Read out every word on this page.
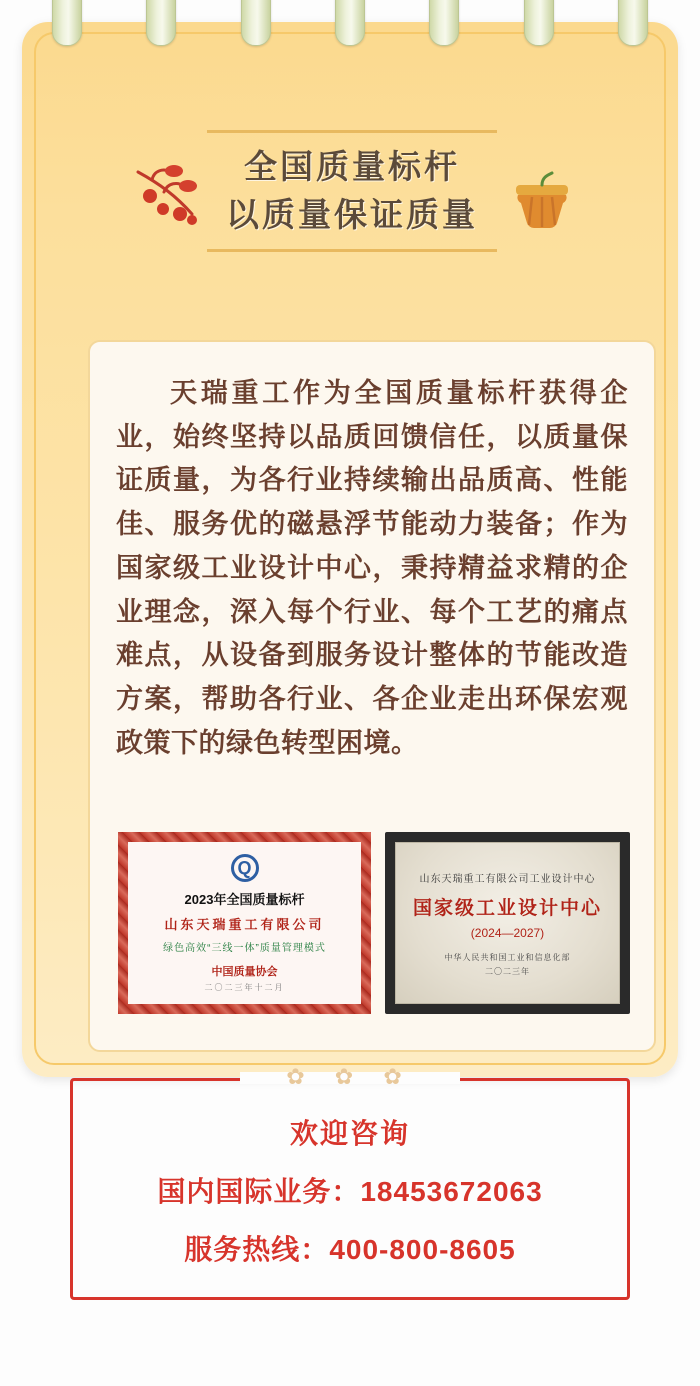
全国质量标杆
以质量保证质量
天瑞重工作为全国质量标杆获得企业，始终坚持以品质回馈信任，以质量保证质量，为各行业持续输出品质高、性能佳、服务优的磁悬浮节能动力装备；作为国家级工业设计中心，秉持精益求精的企业理念，深入每个行业、每个工艺的痛点难点，从设备到服务设计整体的节能改造方案，帮助各行业、各企业走出环保宏观政策下的绿色转型困境。
Q
2023年全国质量标杆
山东天瑞重工有限公司
绿色高效“三线一体”质量管理模式
中国质量协会
二〇二三年十二月
山东天瑞重工有限公司工业设计中心
国家级工业设计中心
(2024—2027)
中华人民共和国工业和信息化部
二〇二三年
✿ ✿ ✿
欢迎咨询
国内国际业务：18453672063
服务热线：400-800-8605
